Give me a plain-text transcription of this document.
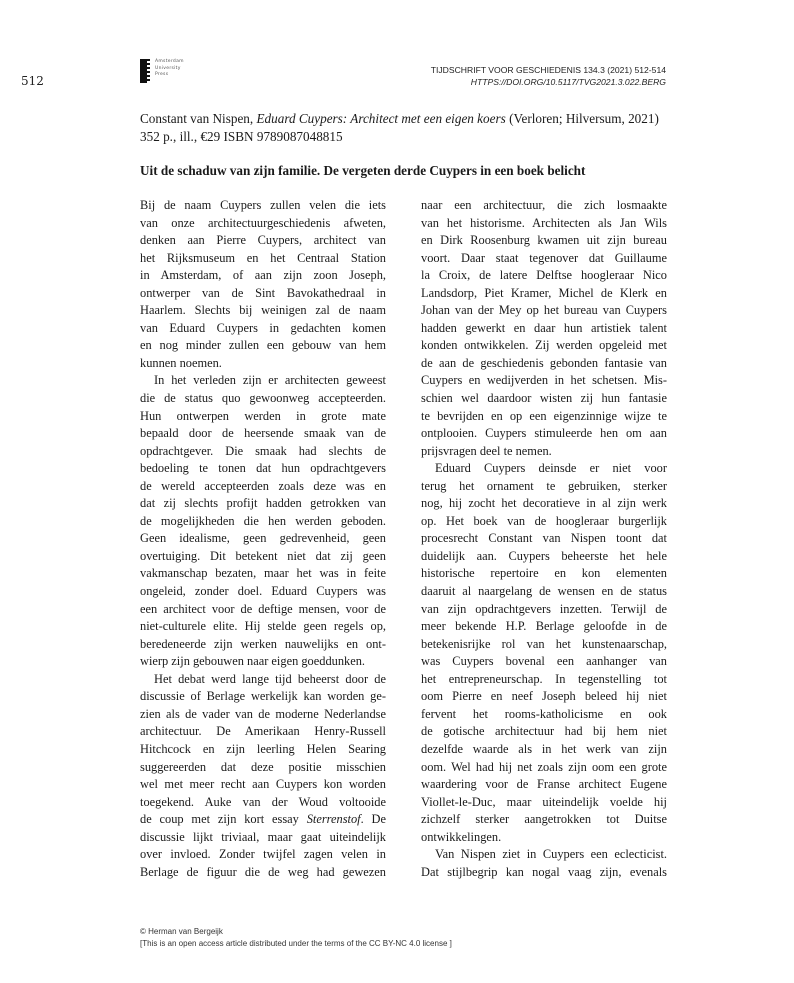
512
Amsterdam
University
Press	TIJDSCHRIFT VOOR GESCHIEDENIS 134.3 (2021) 512-514
HTTPS://DOI.ORG/10.5117/TVG2021.3.022.BERG
Constant van Nispen, Eduard Cuypers: Architect met een eigen koers (Verloren; Hilversum, 2021)
352 p., ill., €29 ISBN 9789087048815
Uit de schaduw van zijn familie. De vergeten derde Cuypers in een boek belicht
Bij de naam Cuypers zullen velen die iets
van onze architectuurgeschiedenis afweten,
denken aan Pierre Cuypers, architect van
het Rijksmuseum en het Centraal Station
in Amsterdam, of aan zijn zoon Joseph,
ontwerper van de Sint Bavokathedraal in
Haarlem. Slechts bij weinigen zal de naam
van Eduard Cuypers in gedachten komen
en nog minder zullen een gebouw van hem
kunnen noemen.
In het verleden zijn er architecten geweest
die de status quo gewoonweg accepteerden.
Hun ontwerpen werden in grote mate
bepaald door de heersende smaak van de
opdrachtgever. Die smaak had slechts de
bedoeling te tonen dat hun opdrachtgevers
de wereld accepteerden zoals deze was en
dat zij slechts profijt hadden getrokken van
de mogelijkheden die hen werden geboden.
Geen idealisme, geen gedrevenheid, geen
overtuiging. Dit betekent niet dat zij geen
vakmanschap bezaten, maar het was in feite
ongeleid, zonder doel. Eduard Cuypers was
een architect voor de deftige mensen, voor de
niet-culturele elite. Hij stelde geen regels op,
beredeneerde zijn werken nauwelijks en ont-
wierp zijn gebouwen naar eigen goeddunken.
Het debat werd lange tijd beheerst door de
discussie of Berlage werkelijk kan worden ge-
zien als de vader van de moderne Nederlandse
architectuur. De Amerikaan Henry-Russell
Hitchcock en zijn leerling Helen Searing
suggereerden dat deze positie misschien
wel met meer recht aan Cuypers kon worden
toegekend. Auke van der Woud voltooide
de coup met zijn kort essay Sterrenstof. De
discussie lijkt triviaal, maar gaat uiteindelijk
over invloed. Zonder twijfel zagen velen in
Berlage de figuur die de weg had gewezen
naar een architectuur, die zich losmaakte
van het historisme. Architecten als Jan Wils
en Dirk Roosenburg kwamen uit zijn bureau
voort. Daar staat tegenover dat Guillaume
la Croix, de latere Delftse hoogleraar Nico
Landsdorp, Piet Kramer, Michel de Klerk en
Johan van der Mey op het bureau van Cuypers
hadden gewerkt en daar hun artistiek talent
konden ontwikkelen. Zij werden opgeleid met
de aan de geschiedenis gebonden fantasie van
Cuypers en wedijverden in het schetsen. Mis-
schien wel daardoor wisten zij hun fantasie
te bevrijden en op een eigenzinnige wijze te
ontplooien. Cuypers stimuleerde hen om aan
prijsvragen deel te nemen.
Eduard Cuypers deinsde er niet voor
terug het ornament te gebruiken, sterker
nog, hij zocht het decoratieve in al zijn werk
op. Het boek van de hoogleraar burgerlijk
procesrecht Constant van Nispen toont dat
duidelijk aan. Cuypers beheerste het hele
historische repertoire en kon elementen
daaruit al naargelang de wensen en de status
van zijn opdrachtgevers inzetten. Terwijl de
meer bekende H.P. Berlage geloofde in de
betekenisrijke rol van het kunstenaarschap,
was Cuypers bovenal een aanhanger van
het entrepreneurschap. In tegenstelling tot
oom Pierre en neef Joseph beleed hij niet
fervent het rooms-katholicisme en ook
de gotische architectuur had bij hem niet
dezelfde waarde als in het werk van zijn
oom. Wel had hij net zoals zijn oom een grote
waardering voor de Franse architect Eugene
Viollet-le-Duc, maar uiteindelijk voelde hij
zichzelf sterker aangetrokken tot Duitse
ontwikkelingen.
Van Nispen ziet in Cuypers een eclecticist.
Dat stijlbegrip kan nogal vaag zijn, evenals
© Herman van Bergeijk
[This is an open access article distributed under the terms of the CC BY-NC 4.0 license ]
